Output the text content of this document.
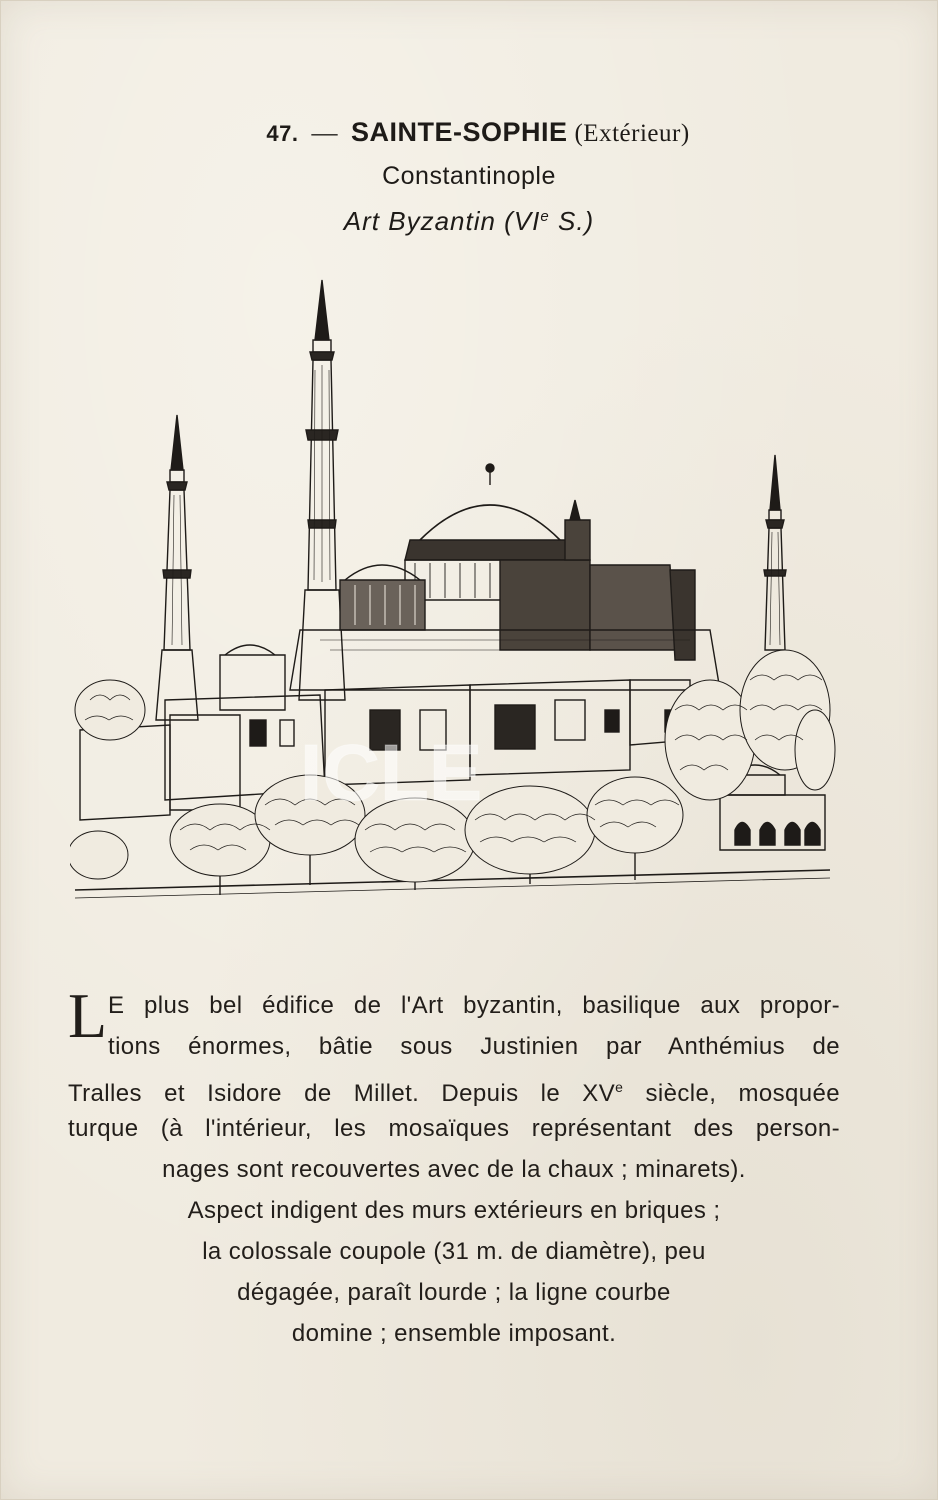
47. — SAINTE-SOPHIE (Extérieur)
Constantinople
Art Byzantin (VIe S.)
ICLE
L E plus bel édifice de l'Art byzantin, basilique aux propor-
tions énormes, bâtie sous Justinien par Anthémius de
Tralles et Isidore de Millet. Depuis le XVe siècle, mosquée
turque (à l'intérieur, les mosaïques représentant des person-
nages sont recouvertes avec de la chaux ; minarets).
Aspect indigent des murs extérieurs en briques ;
la colossale coupole (31 m. de diamètre), peu
dégagée, paraît lourde ; la ligne courbe
domine ; ensemble imposant.
